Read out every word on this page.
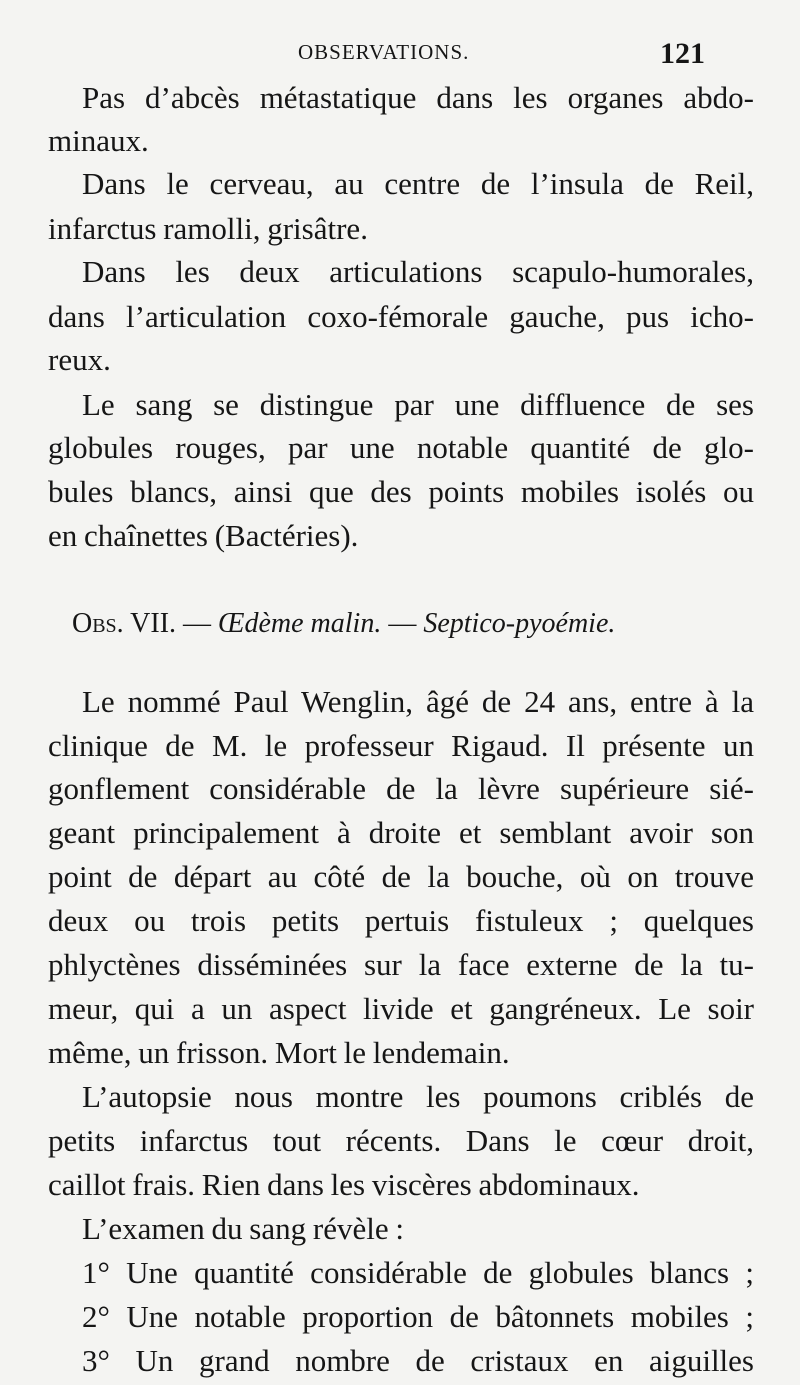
OBSERVATIONS.	121
Pas d’abcès métastatique dans les organes abdo-
minaux.
Dans le cerveau, au centre de l’insula de Reil,
infarctus ramolli, grisâtre.
Dans les deux articulations scapulo-humorales,
dans l’articulation coxo-fémorale gauche, pus icho-
reux.
Le sang se distingue par une diffluence de ses
globules rouges, par une notable quantité de glo-
bules blancs, ainsi que des points mobiles isolés ou
en chaînettes (Bactéries).
Obs. VII. — Œdème malin. — Septico-pyoémie.
Le nommé Paul Wenglin, âgé de 24 ans, entre à la
clinique de M. le professeur Rigaud. Il présente un
gonflement considérable de la lèvre supérieure sié-
geant principalement à droite et semblant avoir son
point de départ au côté de la bouche, où on trouve
deux ou trois petits pertuis fistuleux ; quelques
phlyctènes disséminées sur la face externe de la tu-
meur, qui a un aspect livide et gangréneux. Le soir
même, un frisson. Mort le lendemain.
L’autopsie nous montre les poumons criblés de
petits infarctus tout récents. Dans le cœur droit,
caillot frais. Rien dans les viscères abdominaux.
L’examen du sang révèle :
1° Une quantité considérable de globules blancs ;
2° Une notable proportion de bâtonnets mobiles ;
3° Un grand nombre de cristaux en aiguilles
